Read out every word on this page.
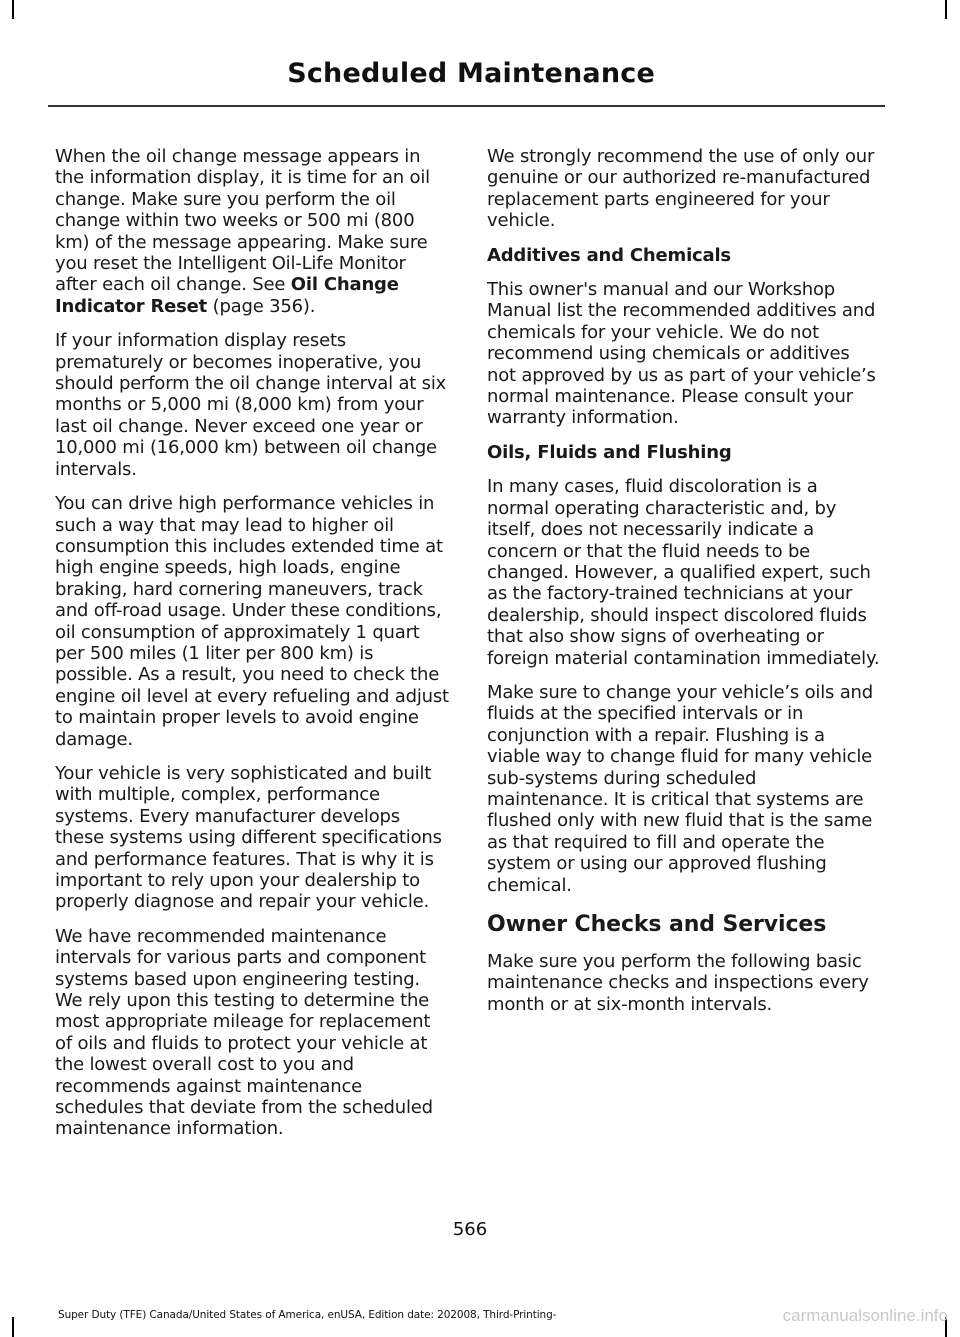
Scheduled Maintenance

When the oil change message appears in the information display, it is time for an oil change. Make sure you perform the oil change within two weeks or 500 mi (800 km) of the message appearing. Make sure you reset the Intelligent Oil-Life Monitor after each oil change. See Oil Change Indicator Reset (page 356).

If your information display resets prematurely or becomes inoperative, you should perform the oil change interval at six months or 5,000 mi (8,000 km) from your last oil change. Never exceed one year or 10,000 mi (16,000 km) between oil change intervals.

You can drive high performance vehicles in such a way that may lead to higher oil consumption this includes extended time at high engine speeds, high loads, engine braking, hard cornering maneuvers, track and off-road usage. Under these conditions, oil consumption of approximately 1 quart per 500 miles (1 liter per 800 km) is possible. As a result, you need to check the engine oil level at every refueling and adjust to maintain proper levels to avoid engine damage.

Your vehicle is very sophisticated and built with multiple, complex, performance systems. Every manufacturer develops these systems using different specifications and performance features. That is why it is important to rely upon your dealership to properly diagnose and repair your vehicle.

We have recommended maintenance intervals for various parts and component systems based upon engineering testing. We rely upon this testing to determine the most appropriate mileage for replacement of oils and fluids to protect your vehicle at the lowest overall cost to you and recommends against maintenance schedules that deviate from the scheduled maintenance information.

We strongly recommend the use of only our genuine or our authorized re-manufactured replacement parts engineered for your vehicle.

Additives and Chemicals

This owner's manual and our Workshop Manual list the recommended additives and chemicals for your vehicle. We do not recommend using chemicals or additives not approved by us as part of your vehicle’s normal maintenance. Please consult your warranty information.

Oils, Fluids and Flushing

In many cases, fluid discoloration is a normal operating characteristic and, by itself, does not necessarily indicate a concern or that the fluid needs to be changed. However, a qualified expert, such as the factory-trained technicians at your dealership, should inspect discolored fluids that also show signs of overheating or foreign material contamination immediately.

Make sure to change your vehicle’s oils and fluids at the specified intervals or in conjunction with a repair. Flushing is a viable way to change fluid for many vehicle sub-systems during scheduled maintenance. It is critical that systems are flushed only with new fluid that is the same as that required to fill and operate the system or using our approved flushing chemical.

Owner Checks and Services

Make sure you perform the following basic maintenance checks and inspections every month or at six-month intervals.

566
Super Duty (TFE) Canada/United States of America, enUSA, Edition date: 202008, Third-Printing-	carmanualsonline.info
